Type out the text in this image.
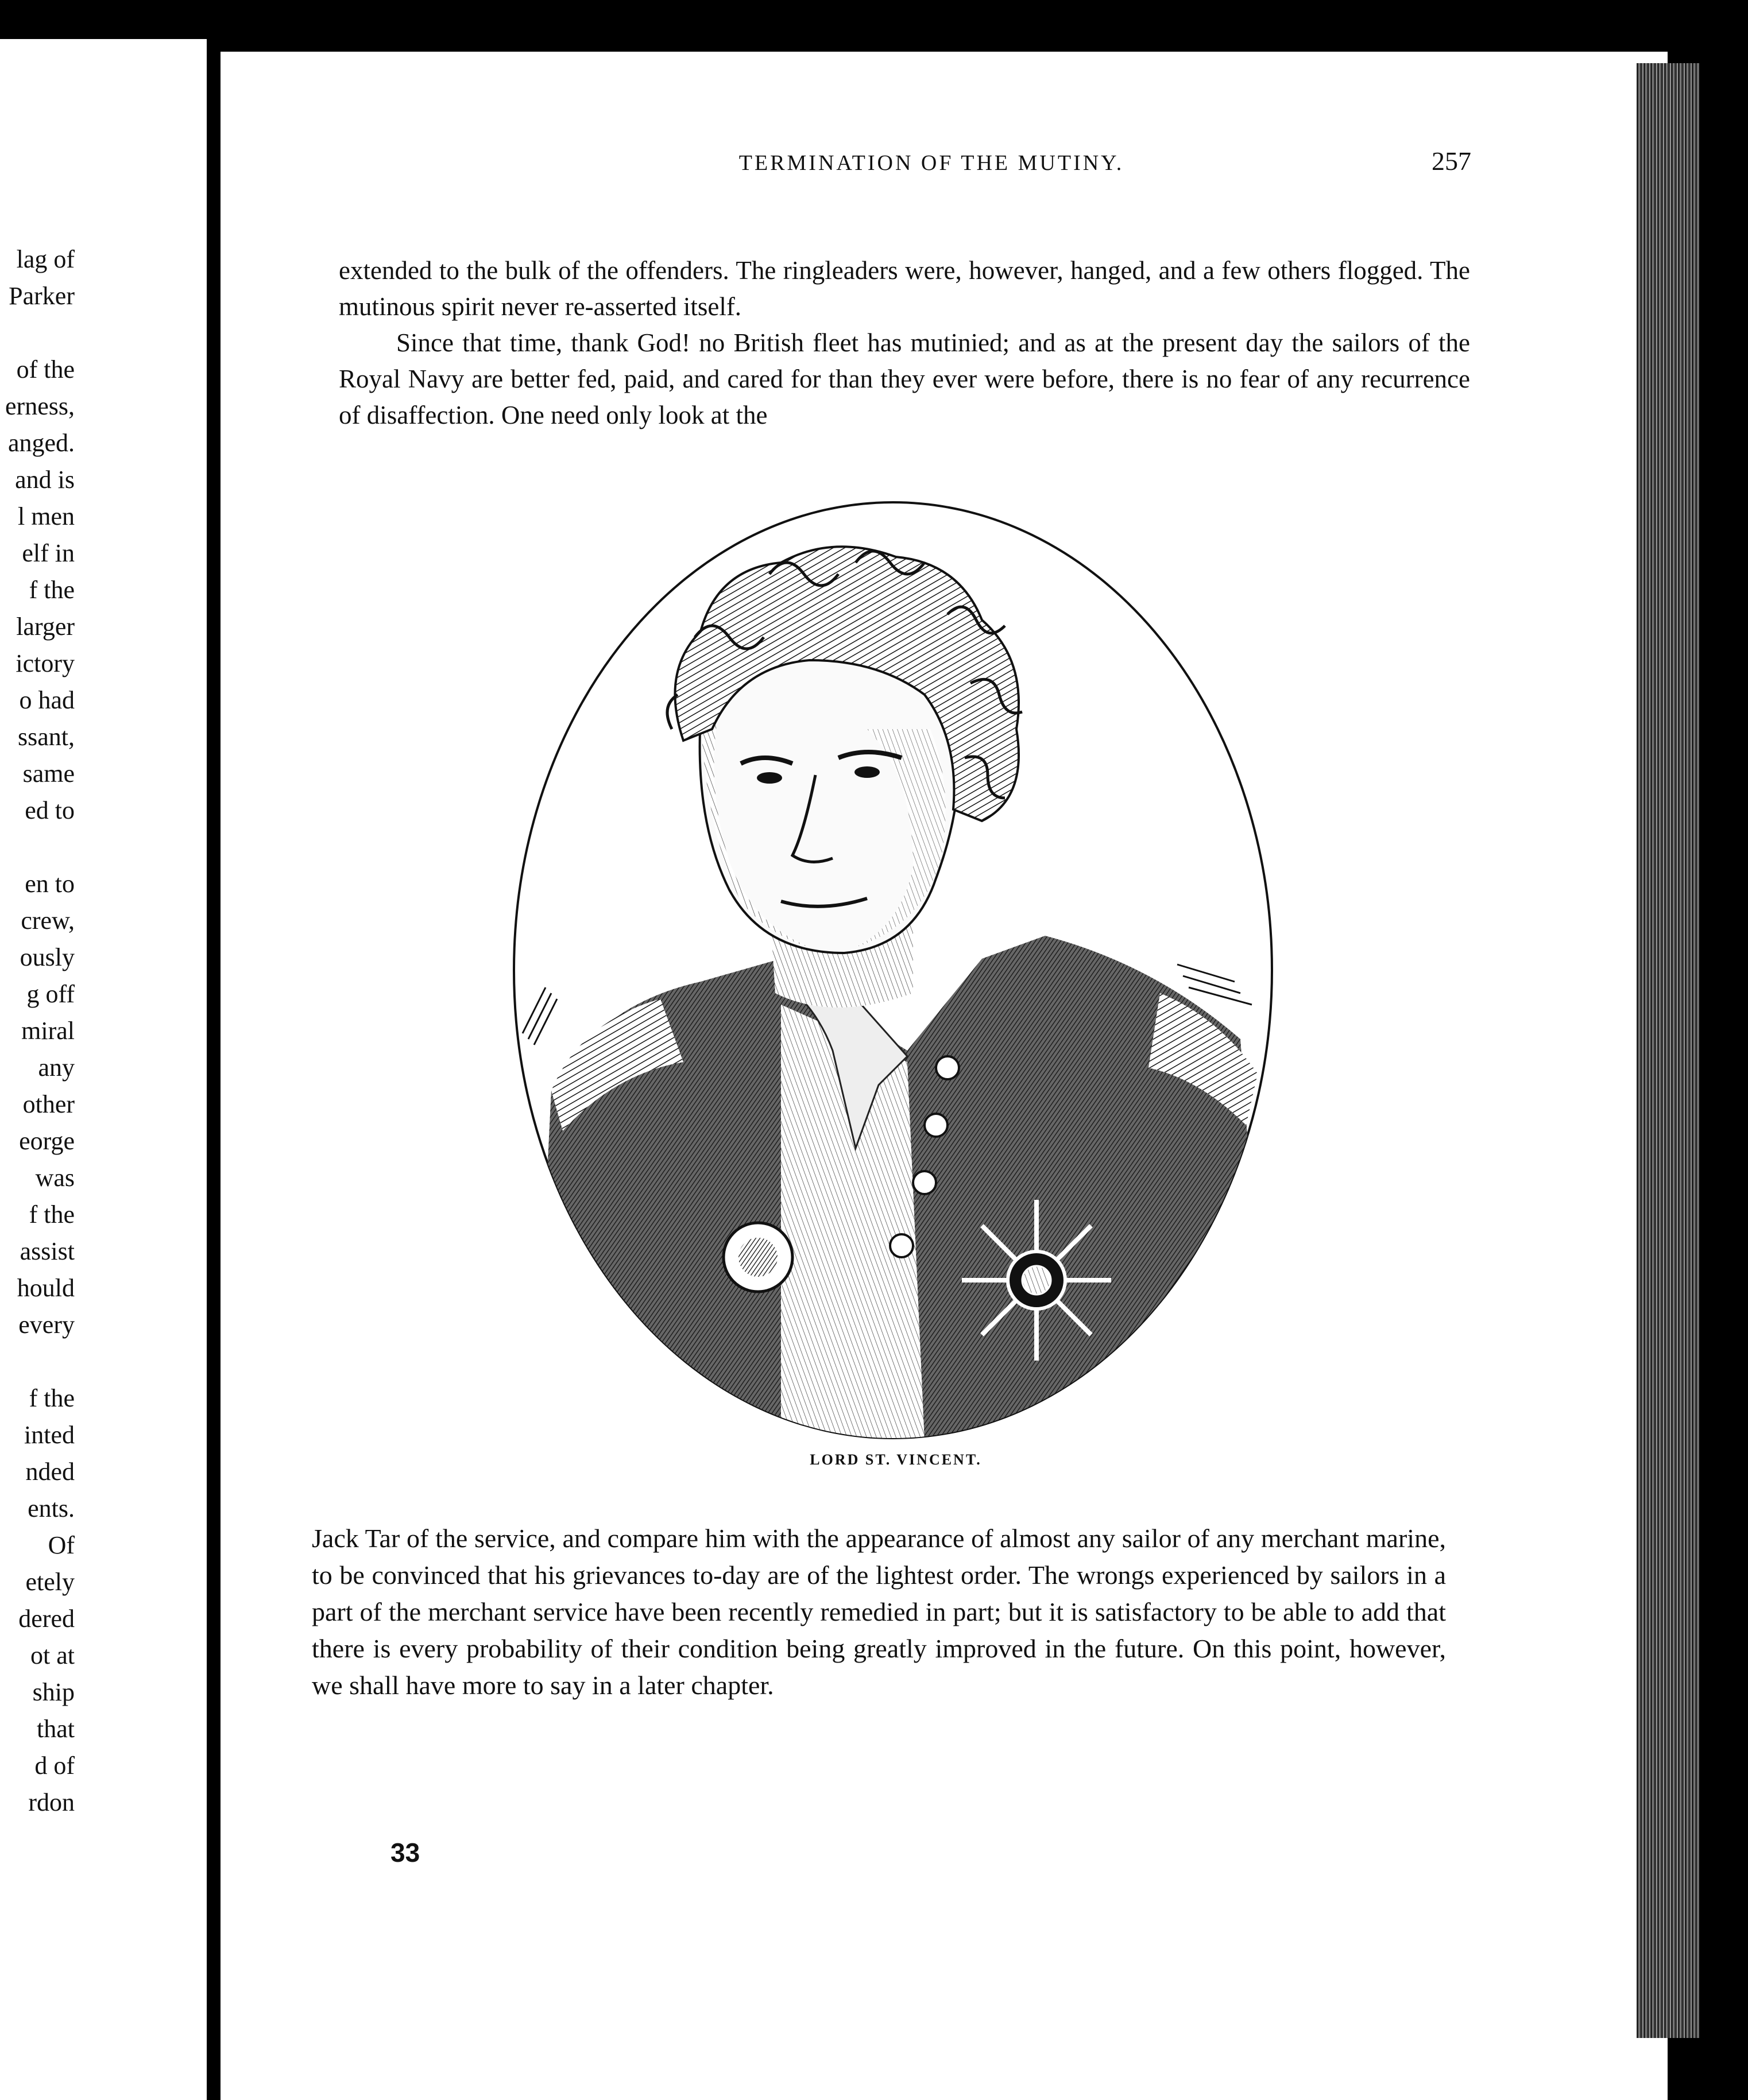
lag of
Parker
of the
erness,
anged.
and is
l men
elf in
f the
larger
ictory
o had
ssant,
same
ed to
en to
crew,
ously
g off
miral
any
other
eorge
was
f the
assist
hould
every
f the
inted
nded
ents.
Of
etely
dered
ot at
ship
that
d of
rdon
TERMINATION OF THE MUTINY.	257

extended to the bulk of the offenders. The ringleaders were, however, hanged, and a few others flogged. The mutinous spirit never re-asserted itself.

Since that time, thank God! no British fleet has mutinied; and as at the present day the sailors of the Royal Navy are better fed, paid, and cared for than they ever were before, there is no fear of any recurrence of disaffection. One need only look at the

LORD ST. VINCENT.

Jack Tar of the service, and compare him with the appearance of almost any sailor of any merchant marine, to be convinced that his grievances to-day are of the lightest order. The wrongs experienced by sailors in a part of the merchant service have been recently remedied in part; but it is satisfactory to be able to add that there is every probability of their condition being greatly improved in the future. On this point, however, we shall have more to say in a later chapter.

33
